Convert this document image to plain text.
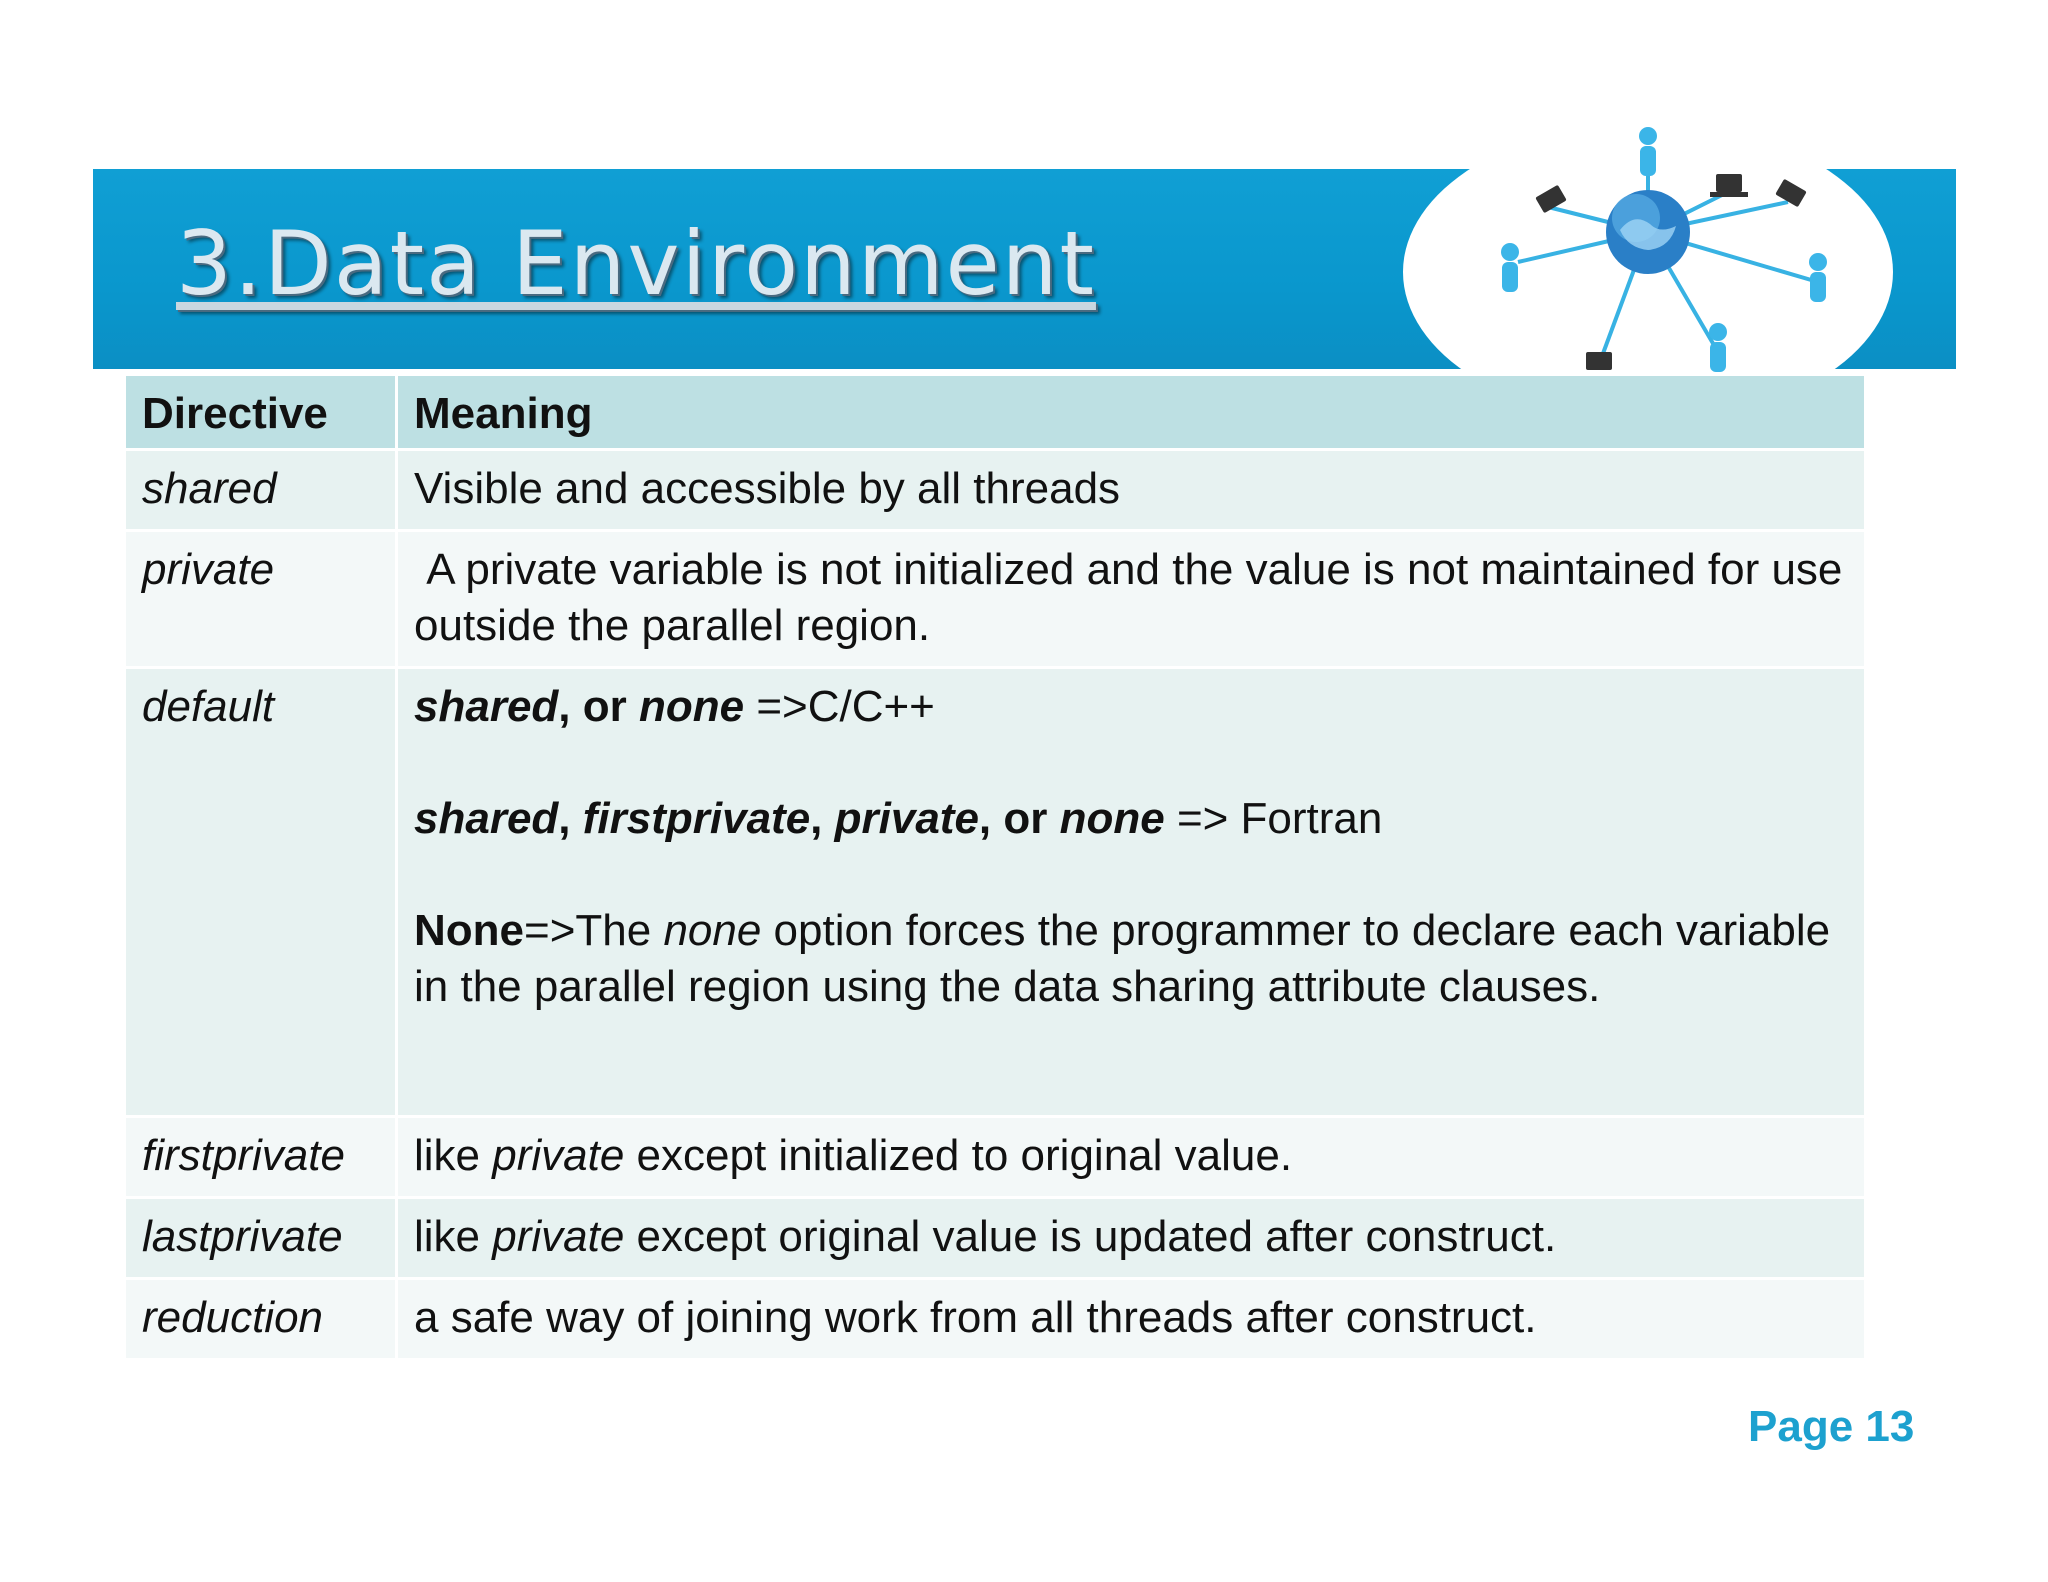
3.Data Environment
Directive	Meaning
shared	Visible and accessible by all threads
private	A private variable is not initialized and the value is not maintained for use outside the parallel region.
default	shared, or none =>C/C++
shared, firstprivate, private, or none => Fortran
None=>The none option forces the programmer to declare each variable in the parallel region using the data sharing attribute clauses.

firstprivate	like private except initialized to original value.
lastprivate	like private except original value is updated after construct.
reduction	a safe way of joining work from all threads after construct.
Page 13
